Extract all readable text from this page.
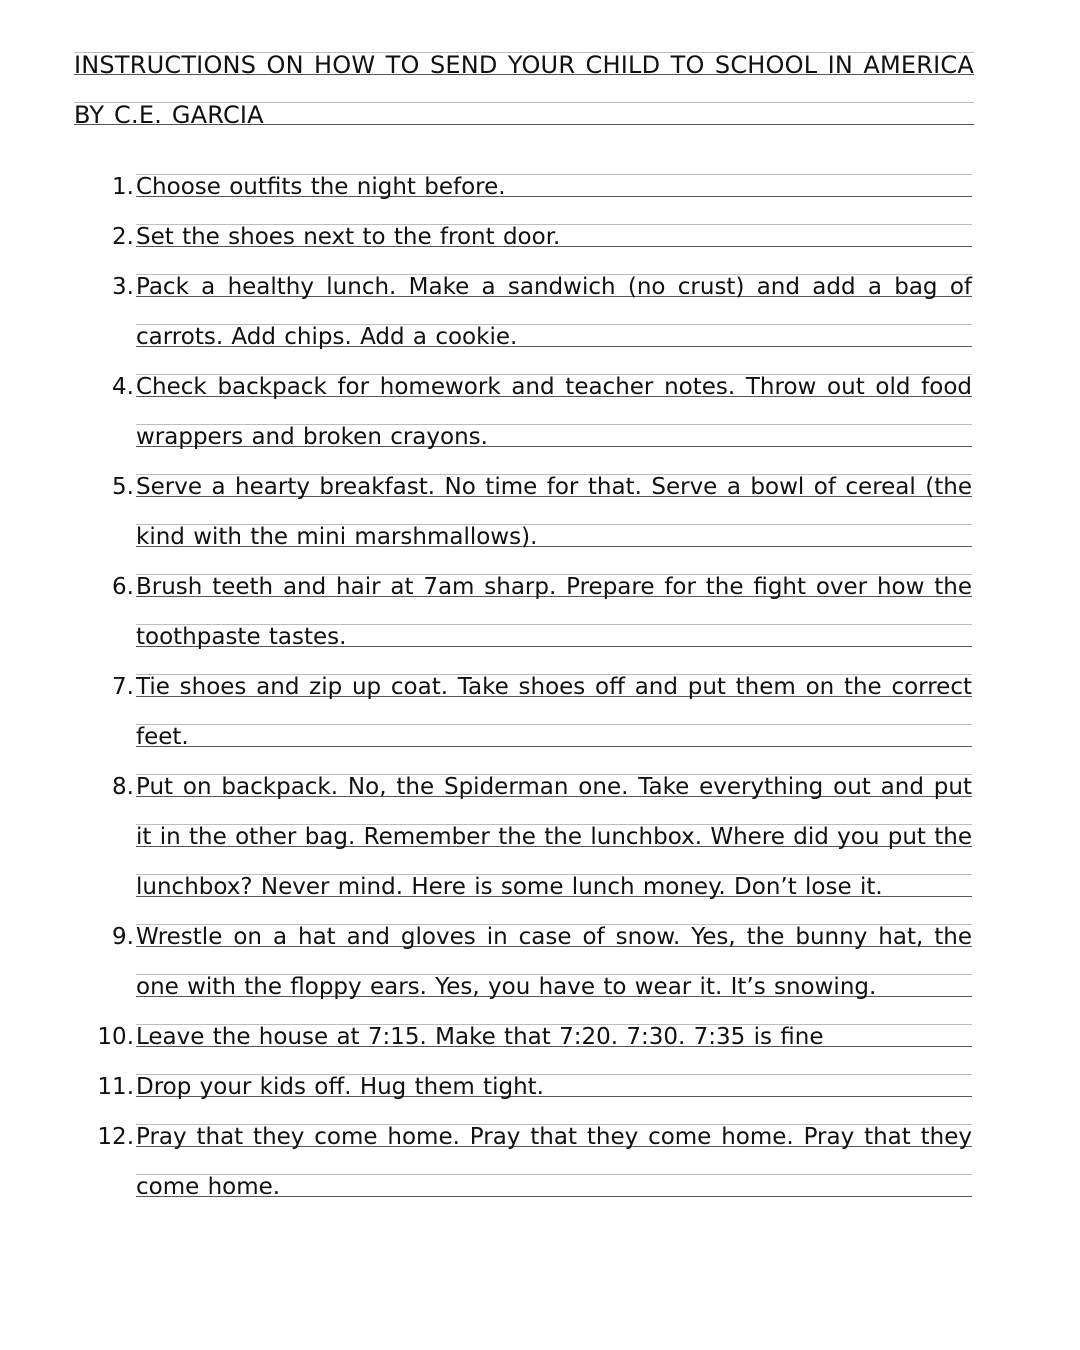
INSTRUCTIONS ON HOW TO SEND YOUR CHILD TO SCHOOL IN AMERICA BY C.E. GARCIA
1. Choose outfits the night before.
2. Set the shoes next to the front door.
3. Pack a healthy lunch. Make a sandwich (no crust) and add a bag of carrots. Add chips. Add a cookie.
4. Check backpack for homework and teacher notes. Throw out old food wrappers and broken crayons.
5. Serve a hearty breakfast. No time for that. Serve a bowl of cereal (the kind with the mini marshmallows).
6. Brush teeth and hair at 7am sharp. Prepare for the fight over how the toothpaste tastes.
7. Tie shoes and zip up coat. Take shoes off and put them on the correct feet.
8. Put on backpack. No, the Spiderman one. Take everything out and put it in the other bag. Remember the the lunchbox. Where did you put the lunchbox? Never mind. Here is some lunch money. Don’t lose it.
9. Wrestle on a hat and gloves in case of snow. Yes, the bunny hat, the one with the floppy ears. Yes, you have to wear it. It’s snowing.
10. Leave the house at 7:15. Make that 7:20. 7:30. 7:35 is fine
11. Drop your kids off. Hug them tight.
12. Pray that they come home. Pray that they come home. Pray that they come home.
